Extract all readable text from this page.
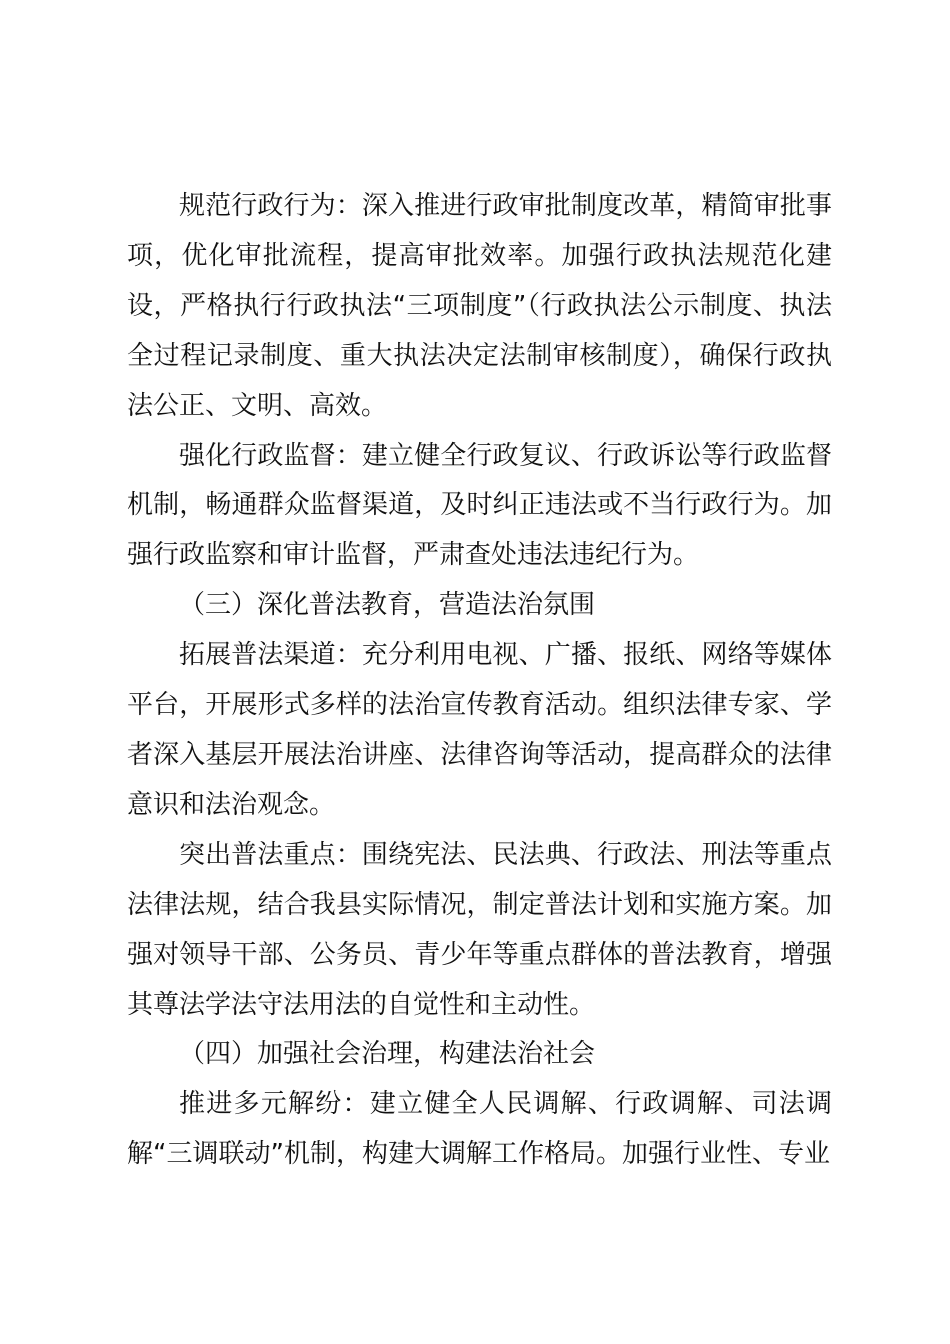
规范行政行为：深入推进行政审批制度改革，精简审批事项，优化审批流程，提高审批效率。加强行政执法规范化建设，严格执行行政执法“三项制度”（行政执法公示制度、执法全过程记录制度、重大执法决定法制审核制度），确保行政执法公正、文明、高效。

强化行政监督：建立健全行政复议、行政诉讼等行政监督机制，畅通群众监督渠道，及时纠正违法或不当行政行为。加强行政监察和审计监督，严肃查处违法违纪行为。

（三）深化普法教育，营造法治氛围

拓展普法渠道：充分利用电视、广播、报纸、网络等媒体平台，开展形式多样的法治宣传教育活动。组织法律专家、学者深入基层开展法治讲座、法律咨询等活动，提高群众的法律意识和法治观念。

突出普法重点：围绕宪法、民法典、行政法、刑法等重点法律法规，结合我县实际情况，制定普法计划和实施方案。加强对领导干部、公务员、青少年等重点群体的普法教育，增强其尊法学法守法用法的自觉性和主动性。

（四）加强社会治理，构建法治社会

推进多元解纷：建立健全人民调解、行政调解、司法调解“三调联动”机制，构建大调解工作格局。加强行业性、专业
